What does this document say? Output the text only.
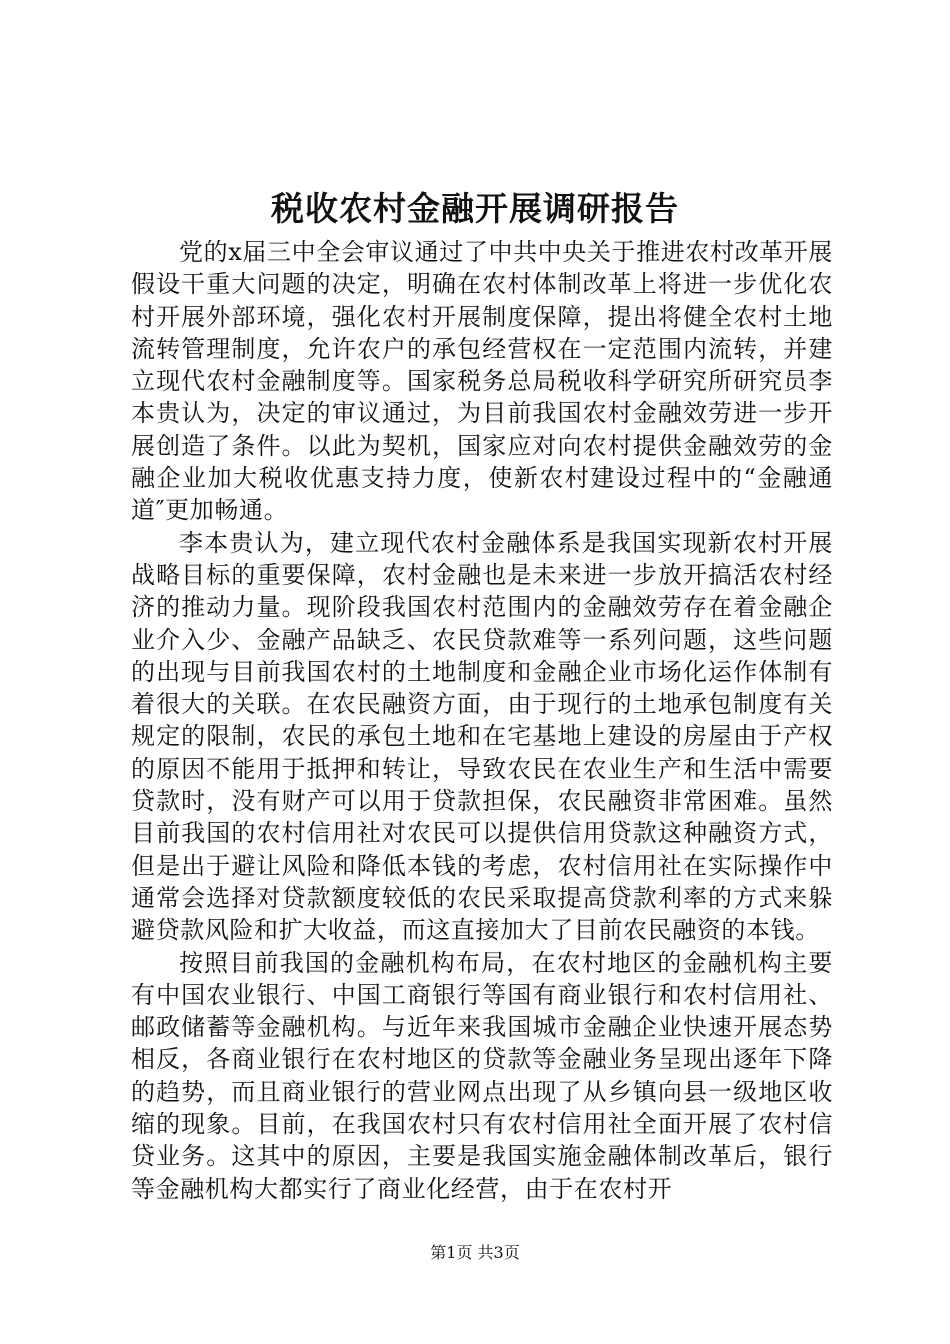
税收农村金融开展调研报告

党的x届三中全会审议通过了中共中央关于推进农村改革开展假设干重大问题的决定，明确在农村体制改革上将进一步优化农村开展外部环境，强化农村开展制度保障，提出将健全农村土地流转管理制度，允许农户的承包经营权在一定范围内流转，并建立现代农村金融制度等。国家税务总局税收科学研究所研究员李本贵认为，决定的审议通过，为目前我国农村金融效劳进一步开展创造了条件。以此为契机，国家应对向农村提供金融效劳的金融企业加大税收优惠支持力度，使新农村建设过程中的“金融通道″更加畅通。

李本贵认为，建立现代农村金融体系是我国实现新农村开展战略目标的重要保障，农村金融也是未来进一步放开搞活农村经济的推动力量。现阶段我国农村范围内的金融效劳存在着金融企业介入少、金融产品缺乏、农民贷款难等一系列问题，这些问题的出现与目前我国农村的土地制度和金融企业市场化运作体制有着很大的关联。在农民融资方面，由于现行的土地承包制度有关规定的限制，农民的承包土地和在宅基地上建设的房屋由于产权的原因不能用于抵押和转让，导致农民在农业生产和生活中需要贷款时，没有财产可以用于贷款担保，农民融资非常困难。虽然目前我国的农村信用社对农民可以提供信用贷款这种融资方式，但是出于避让风险和降低本钱的考虑，农村信用社在实际操作中通常会选择对贷款额度较低的农民采取提高贷款利率的方式来躲避贷款风险和扩大收益，而这直接加大了目前农民融资的本钱。

按照目前我国的金融机构布局，在农村地区的金融机构主要有中国农业银行、中国工商银行等国有商业银行和农村信用社、邮政储蓄等金融机构。与近年来我国城市金融企业快速开展态势相反，各商业银行在农村地区的贷款等金融业务呈现出逐年下降的趋势，而且商业银行的营业网点出现了从乡镇向县一级地区收缩的现象。目前，在我国农村只有农村信用社全面开展了农村信贷业务。这其中的原因，主要是我国实施金融体制改革后，银行等金融机构大都实行了商业化经营，由于在农村开

第1页 共3页
